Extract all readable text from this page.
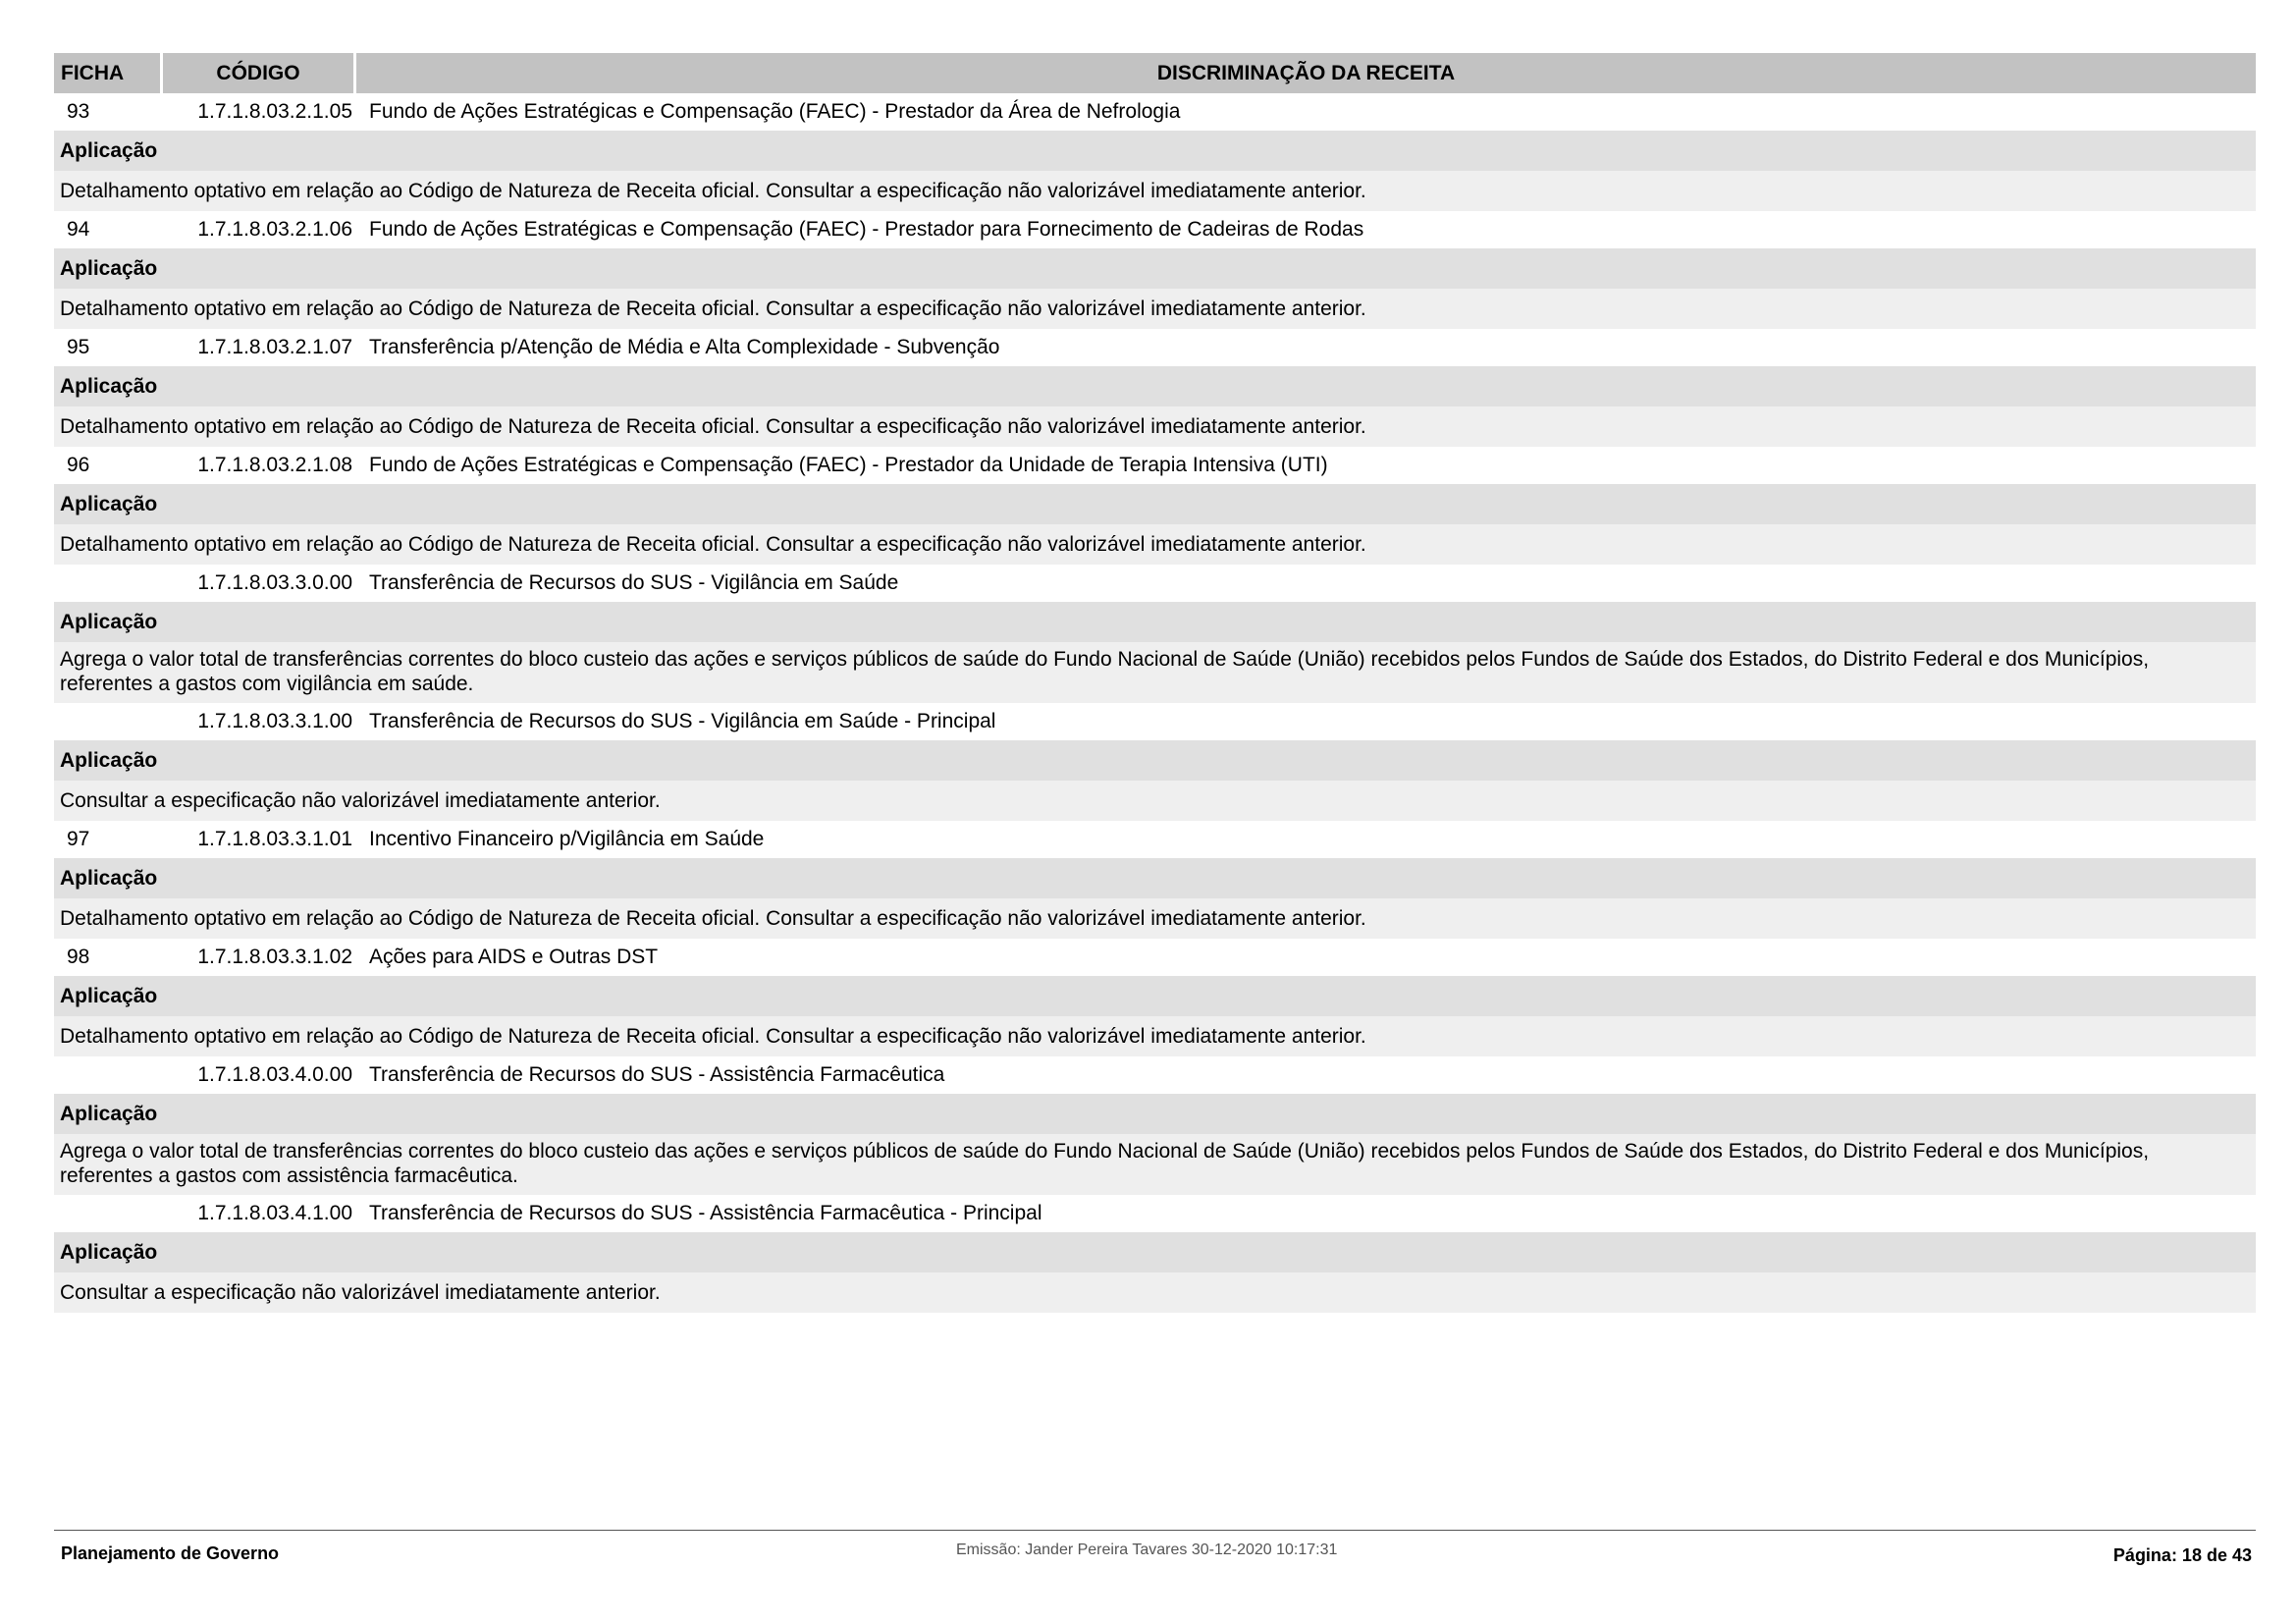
FICHA	CÓDIGO	DISCRIMINAÇÃO DA RECEITA
93	1.7.1.8.03.2.1.05 Fundo de Ações Estratégicas e Compensação (FAEC) - Prestador da Área de Nefrologia
Aplicação
Detalhamento optativo em relação ao Código de Natureza de Receita oficial. Consultar a especificação não valorizável imediatamente anterior.
94	1.7.1.8.03.2.1.06 Fundo de Ações Estratégicas e Compensação (FAEC) - Prestador para Fornecimento de Cadeiras de Rodas
Aplicação
Detalhamento optativo em relação ao Código de Natureza de Receita oficial. Consultar a especificação não valorizável imediatamente anterior.
95	1.7.1.8.03.2.1.07 Transferência p/Atenção de Média e Alta Complexidade - Subvenção
Aplicação
Detalhamento optativo em relação ao Código de Natureza de Receita oficial. Consultar a especificação não valorizável imediatamente anterior.
96	1.7.1.8.03.2.1.08 Fundo de Ações Estratégicas e Compensação (FAEC) - Prestador da Unidade de Terapia Intensiva (UTI)
Aplicação
Detalhamento optativo em relação ao Código de Natureza de Receita oficial. Consultar a especificação não valorizável imediatamente anterior.
1.7.1.8.03.3.0.00 Transferência de Recursos do SUS - Vigilância em Saúde
Aplicação
Agrega o valor total de transferências correntes do bloco custeio das ações e serviços públicos de saúde do Fundo Nacional de Saúde (União) recebidos pelos Fundos de Saúde dos Estados, do Distrito Federal e dos Municípios, referentes a gastos com vigilância em saúde.
1.7.1.8.03.3.1.00 Transferência de Recursos do SUS - Vigilância em Saúde - Principal
Aplicação
Consultar a especificação não valorizável imediatamente anterior.
97	1.7.1.8.03.3.1.01 Incentivo Financeiro p/Vigilância em Saúde
Aplicação
Detalhamento optativo em relação ao Código de Natureza de Receita oficial. Consultar a especificação não valorizável imediatamente anterior.
98	1.7.1.8.03.3.1.02 Ações para AIDS e Outras DST
Aplicação
Detalhamento optativo em relação ao Código de Natureza de Receita oficial. Consultar a especificação não valorizável imediatamente anterior.
1.7.1.8.03.4.0.00 Transferência de Recursos do SUS - Assistência Farmacêutica
Aplicação
Agrega o valor total de transferências correntes do bloco custeio das ações e serviços públicos de saúde do Fundo Nacional de Saúde (União) recebidos pelos Fundos de Saúde dos Estados, do Distrito Federal e dos Municípios, referentes a gastos com assistência farmacêutica.
1.7.1.8.03.4.1.00 Transferência de Recursos do SUS - Assistência Farmacêutica - Principal
Aplicação
Consultar a especificação não valorizável imediatamente anterior.
Planejamento de Governo	Emissão: Jander Pereira Tavares 30-12-2020 10:17:31	Página: 18 de 43
